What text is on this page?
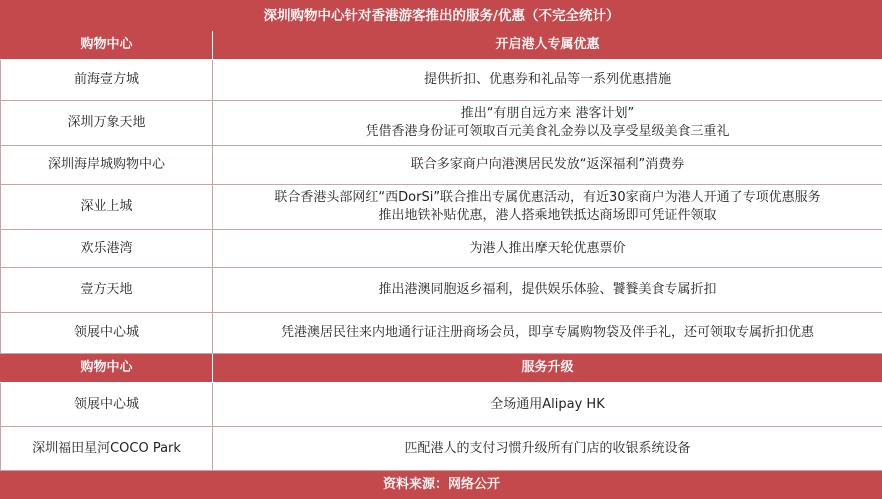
深圳购物中心针对香港游客推出的服务/优惠（不完全统计）	
购物中心	开启港人专属优惠
前海壹方城	提供折扣、优惠券和礼品等一系列优惠措施

深圳万象天地	推出“有朋自远方来 港客计划”
凭借香港身份证可领取百元美食礼金券以及享受星级美食三重礼

深圳海岸城购物中心	联合多家商户向港澳居民发放“返深福利”消费券

深业上城	联合香港头部网红“西DorSi”联合推出专属优惠活动，有近30家商户为港人开通了专项优惠服务
推出地铁补贴优惠，港人搭乘地铁抵达商场即可凭证件领取

欢乐港湾	为港人推出摩天轮优惠票价

壹方天地	推出港澳同胞返乡福利，提供娱乐体验、饕餮美食专属折扣

领展中心城	凭港澳居民往来内地通行证注册商场会员，即享专属购物袋及伴手礼，还可领取专属折扣优惠

购物中心	服务升级
领展中心城	全场通用Alipay HK

深圳福田星河COCO Park	匹配港人的支付习惯升级所有门店的收银系统设备

资料来源：网络公开	
